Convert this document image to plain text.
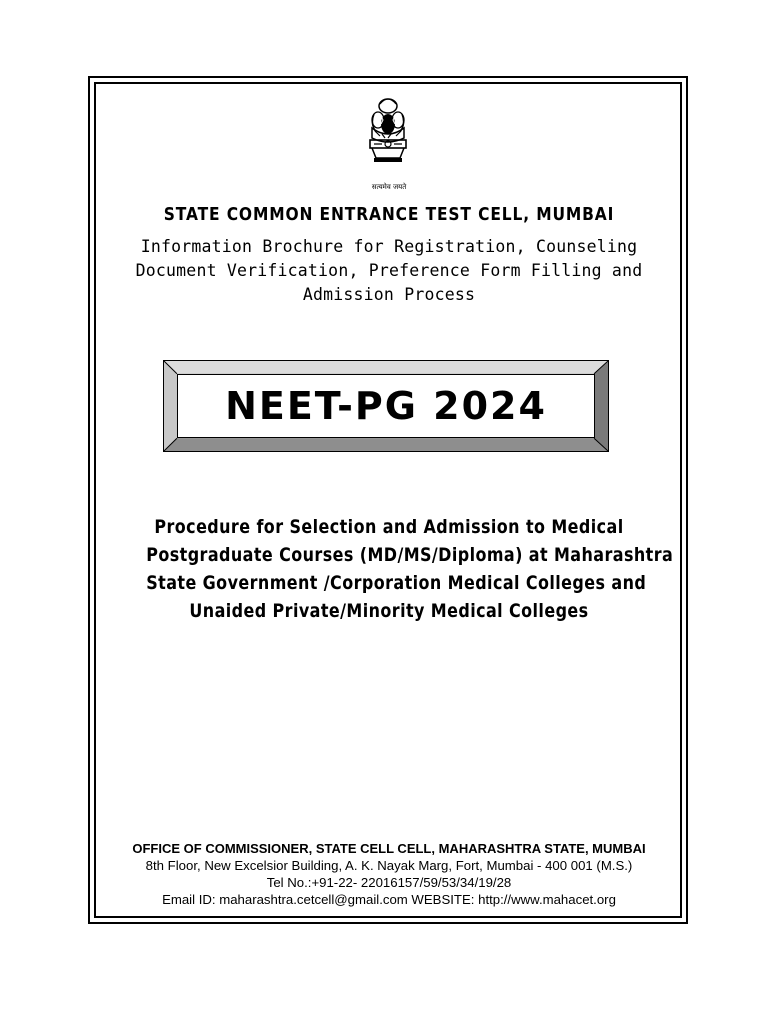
सत्यमेव जयते
STATE COMMON ENTRANCE TEST CELL, MUMBAI
Information Brochure for Registration, Counseling
Document Verification, Preference Form Filling and
Admission Process
NEET-PG 2024
Procedure for Selection and Admission to Medical
Postgraduate Courses (MD/MS/Diploma) at Maharashtra
State Government /Corporation Medical Colleges and
Unaided Private/Minority Medical Colleges
OFFICE OF COMMISSIONER, STATE CELL CELL, MAHARASHTRA STATE, MUMBAI
8th Floor, New Excelsior Building, A. K. Nayak Marg, Fort, Mumbai - 400 001 (M.S.)
Tel No.:+91-22- 22016157/59/53/34/19/28
Email ID: maharashtra.cetcell@gmail.com WEBSITE: http://www.mahacet.org
